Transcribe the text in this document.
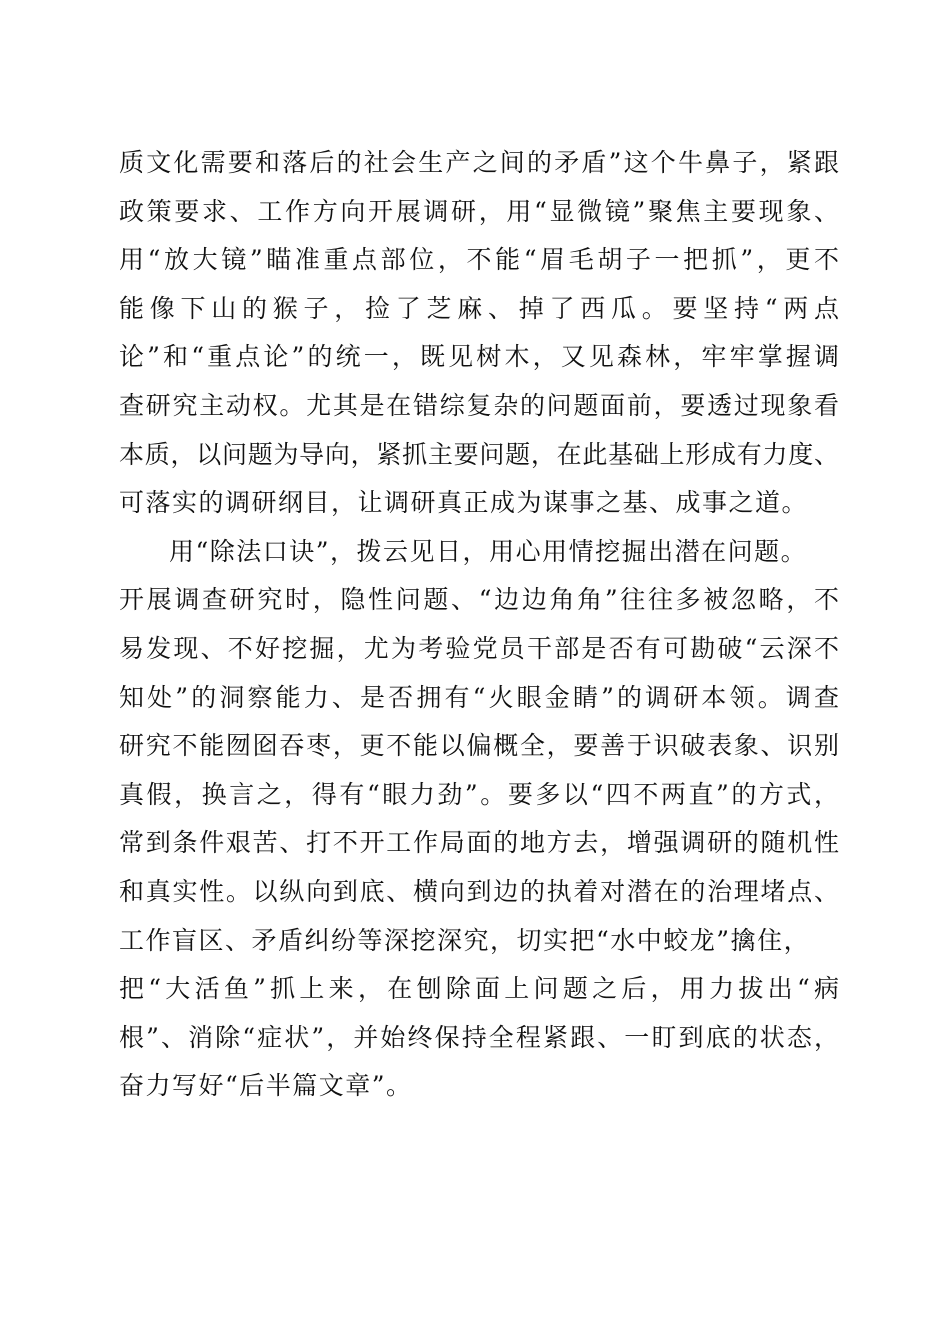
质文化需要和落后的社会生产之间的矛盾”这个牛鼻子，紧跟
政策要求、工作方向开展调研，用“显微镜”聚焦主要现象、
用“放大镜”瞄准重点部位，不能“眉毛胡子一把抓”，更不
能像下山的猴子，捡了芝麻、掉了西瓜。要坚持“两点
论”和“重点论”的统一，既见树木，又见森林，牢牢掌握调
查研究主动权。尤其是在错综复杂的问题面前，要透过现象看
本质，以问题为导向，紧抓主要问题，在此基础上形成有力度、
可落实的调研纲目，让调研真正成为谋事之基、成事之道。
用“除法口诀”，拨云见日，用心用情挖掘出潜在问题。
开展调查研究时，隐性问题、“边边角角”往往多被忽略，不
易发现、不好挖掘，尤为考验党员干部是否有可勘破“云深不
知处”的洞察能力、是否拥有“火眼金睛”的调研本领。调查
研究不能囫囵吞枣，更不能以偏概全，要善于识破表象、识别
真假，换言之，得有“眼力劲”。要多以“四不两直”的方式，
常到条件艰苦、打不开工作局面的地方去，增强调研的随机性
和真实性。以纵向到底、横向到边的执着对潜在的治理堵点、
工作盲区、矛盾纠纷等深挖深究，切实把“水中蛟龙”擒住，
把“大活鱼”抓上来，在刨除面上问题之后，用力拔出“病
根”、消除“症状”，并始终保持全程紧跟、一盯到底的状态，
奋力写好“后半篇文章”。
